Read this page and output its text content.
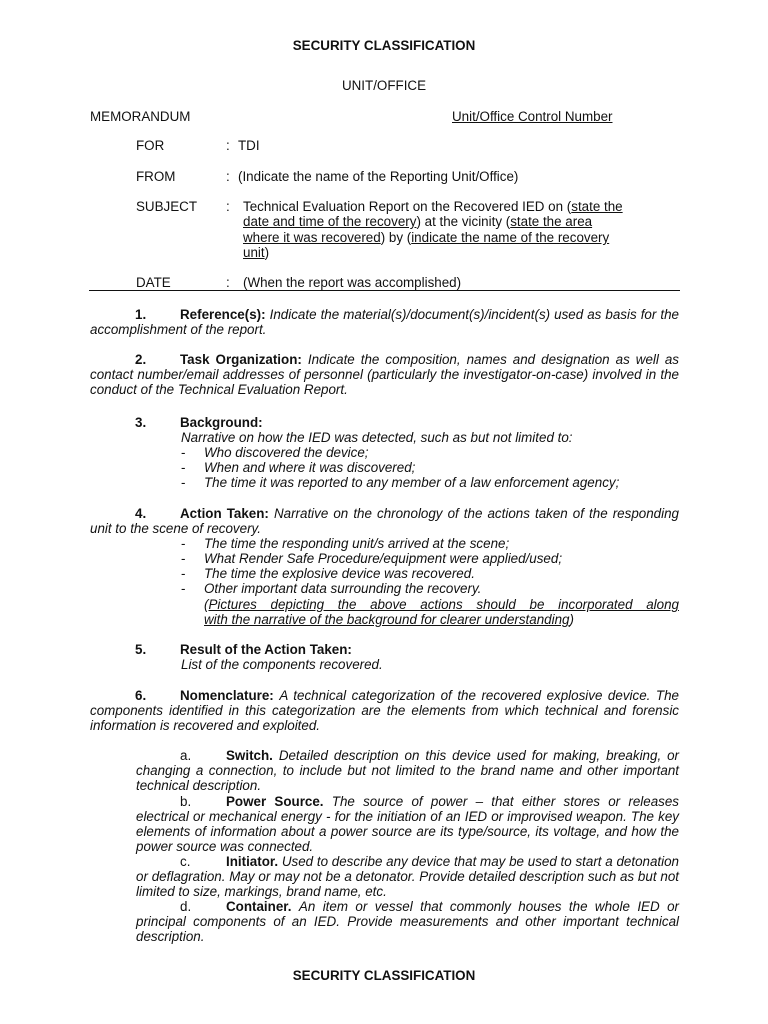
SECURITY CLASSIFICATION
UNIT/OFFICE
MEMORANDUM	Unit/Office Control Number
FOR	: TDI
FROM	: (Indicate the name of the Reporting Unit/Office)
SUBJECT : Technical Evaluation Report on the Recovered IED on (state the
date and time of the recovery) at the vicinity (state the area
where it was recovered) by (indicate the name of the recovery
unit)
DATE	: (When the report was accomplished)

1.	Reference(s): Indicate the material(s)/document(s)/incident(s) used as basis for the accomplishment of the report.

2.	Task Organization: Indicate the composition, names and designation as well as contact number/email addresses of personnel (particularly the investigator-on-case) involved in the conduct of the Technical Evaluation Report.

3.	Background:

Narrative on how the IED was detected, such as but not limited to:
- Who discovered the device;
- When and where it was discovered;
- The time it was reported to any member of a law enforcement agency;

4.	Action Taken: Narrative on the chronology of the actions taken of the responding unit to the scene of recovery.

- The time the responding unit/s arrived at the scene;
- What Render Safe Procedure/equipment were applied/used;
- The time the explosive device was recovered.
- Other important data surrounding the recovery.
(Pictures depicting the above actions should be incorporated along
with the narrative of the background for clearer understanding)

5.	Result of the Action Taken:

List of the components recovered.

6.	Nomenclature: A technical categorization of the recovered explosive device. The components identified in this categorization are the elements from which technical and forensic information is recovered and exploited.

a.	Switch. Detailed description on this device used for making, breaking, or changing a connection, to include but not limited to the brand name and other important technical description.
b.	Power Source. The source of power – that either stores or releases electrical or mechanical energy - for the initiation of an IED or improvised weapon. The key elements of information about a power source are its type/source, its voltage, and how the power source was connected.
c.	Initiator. Used to describe any device that may be used to start a detonation or deflagration. May or may not be a detonator. Provide detailed description such as but not limited to size, markings, brand name, etc.
d.	Container. An item or vessel that commonly houses the whole IED or principal components of an IED. Provide measurements and other important technical description.
SECURITY CLASSIFICATION
